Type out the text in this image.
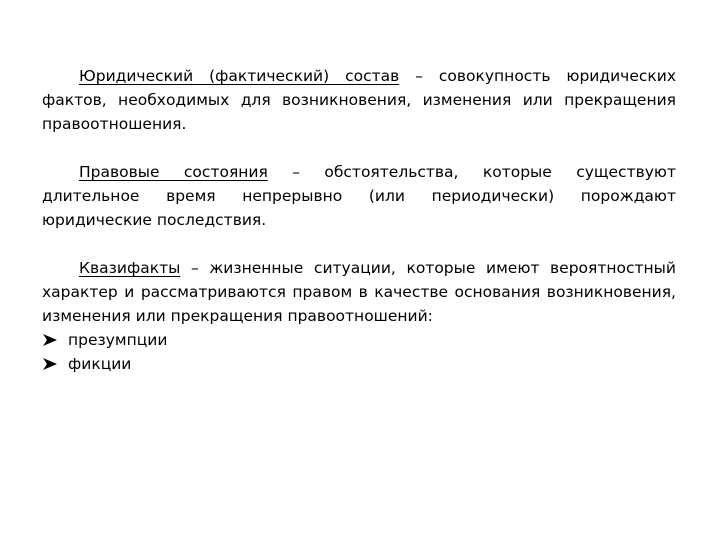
Юридический (фактический) состав – совокупность юридических фактов, необходимых для возникновения, изменения или прекращения правоотношения.

Правовые состояния – обстоятельства, которые существуют длительное время непрерывно (или периодически) порождают юридические последствия.

Квазифакты – жизненные ситуации, которые имеют вероятностный характер и рассматриваются правом в качестве основания возникновения, изменения или прекращения правоотношений:

презумпции
фикции
